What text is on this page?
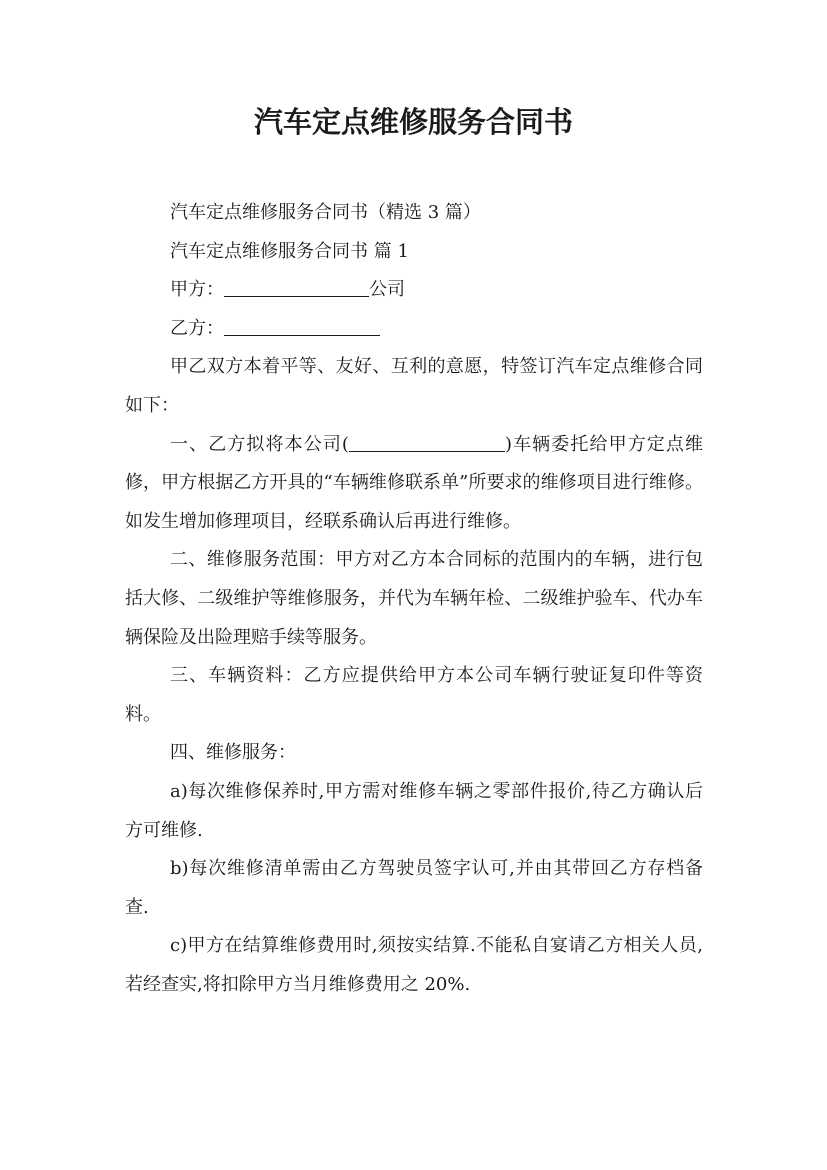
汽车定点维修服务合同书

汽车定点维修服务合同书（精选 3 篇）

汽车定点维修服务合同书 篇 1

甲方：	公司

乙方：

甲乙双方本着平等、友好、互利的意愿，特签订汽车定点维修合同如下：

一、乙方拟将本公司(	)车辆委托给甲方定点维修，甲方根据乙方开具的“车辆维修联系单”所要求的维修项目进行维修。如发生增加修理项目，经联系确认后再进行维修。

二、维修服务范围：甲方对乙方本合同标的范围内的车辆，进行包括大修、二级维护等维修服务，并代为车辆年检、二级维护验车、代办车辆保险及出险理赔手续等服务。

三、车辆资料：乙方应提供给甲方本公司车辆行驶证复印件等资料。

四、维修服务：

a)每次维修保养时,甲方需对维修车辆之零部件报价,待乙方确认后方可维修.

b)每次维修清单需由乙方驾驶员签字认可,并由其带回乙方存档备查.

c)甲方在结算维修费用时,须按实结算.不能私自宴请乙方相关人员,若经查实,将扣除甲方当月维修费用之 20%.
